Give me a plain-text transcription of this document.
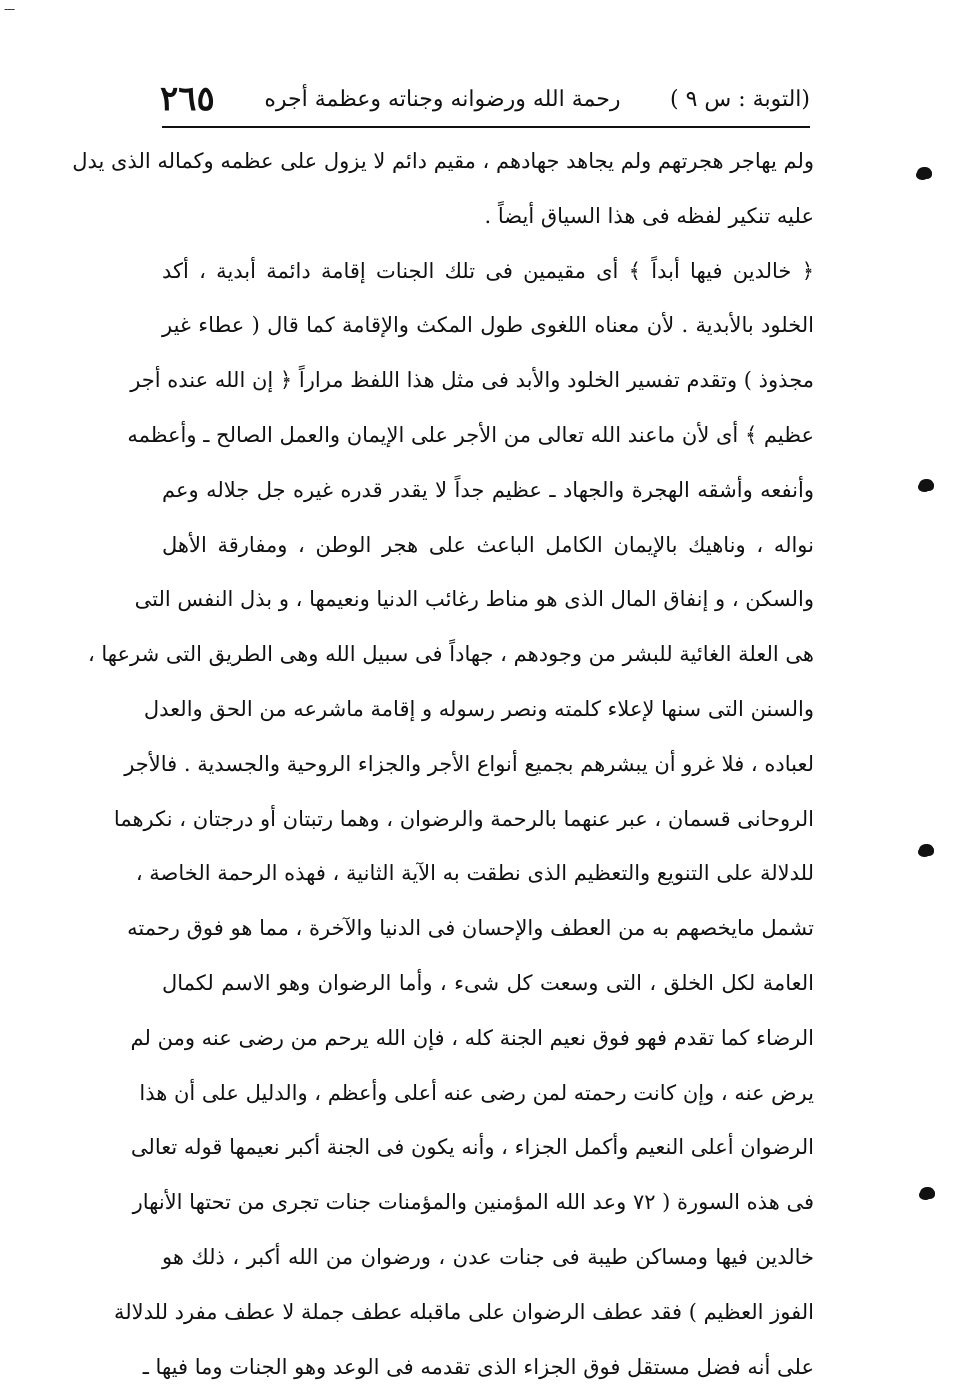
---
(التوبة : س ٩ )
رحمة الله ورضوانه وجناته وعظمة أجره
٢٦٥
ولم يهاجر هجرتهم ولم يجاهد جهادهم ، مقيم دائم لا يزول على عظمه وكماله الذى يدل
عليه تنكير لفظه فى هذا السياق أيضاً .
﴿ خالدين فيها أبداً ﴾ أى مقيمين فى تلك الجنات إقامة دائمة أبدية ، أكد
الخلود بالأبدية . لأن معناه اللغوى طول المكث والإقامة كما قال ( عطاء غير
مجذوذ ) وتقدم تفسير الخلود والأبد فى مثل هذا اللفظ مراراً ﴿ إن الله عنده أجر
عظيم ﴾ أى لأن ماعند الله تعالى من الأجر على الإيمان والعمل الصالح ـ وأعظمه
وأنفعه وأشقه الهجرة والجهاد ـ عظيم جداً لا يقدر قدره غيره جل جلاله وعم
نواله ، وناهيك بالإيمان الكامل الباعث على هجر الوطن ، ومفارقة الأهل
والسكن ، و إنفاق المال الذى هو مناط رغائب الدنيا ونعيمها ، و بذل النفس التى
هى العلة الغائية للبشر من وجودهم ، جهاداً فى سبيل الله وهى الطريق التى شرعها ،
والسنن التى سنها لإعلاء كلمته ونصر رسوله و إقامة ماشرعه من الحق والعدل
لعباده ، فلا غرو أن يبشرهم بجميع أنواع الأجر والجزاء الروحية والجسدية . فالأجر
الروحانى قسمان ، عبر عنهما بالرحمة والرضوان ، وهما رتبتان أو درجتان ، نكرهما
للدلالة على التنويع والتعظيم الذى نطقت به الآية الثانية ، فهذه الرحمة الخاصة ،
تشمل مايخصهم به من العطف والإحسان فى الدنيا والآخرة ، مما هو فوق رحمته
العامة لكل الخلق ، التى وسعت كل شىء ، وأما الرضوان وهو الاسم لكمال
الرضاء كما تقدم فهو فوق نعيم الجنة كله ، فإن الله يرحم من رضى عنه ومن لم
يرض عنه ، وإن كانت رحمته لمن رضى عنه أعلى وأعظم ، والدليل على أن هذا
الرضوان أعلى النعيم وأكمل الجزاء ، وأنه يكون فى الجنة أكبر نعيمها قوله تعالى
فى هذه السورة ( ٧٢ وعد الله المؤمنين والمؤمنات جنات تجرى من تحتها الأنهار
خالدين فيها ومساكن طيبة فى جنات عدن ، ورضوان من الله أكبر ، ذلك هو
الفوز العظيم ) فقد عطف الرضوان على ماقبله عطف جملة لا عطف مفرد للدلالة
على أنه فضل مستقل فوق الجزاء الذى تقدمه فى الوعد وهو الجنات وما فيها ـ
